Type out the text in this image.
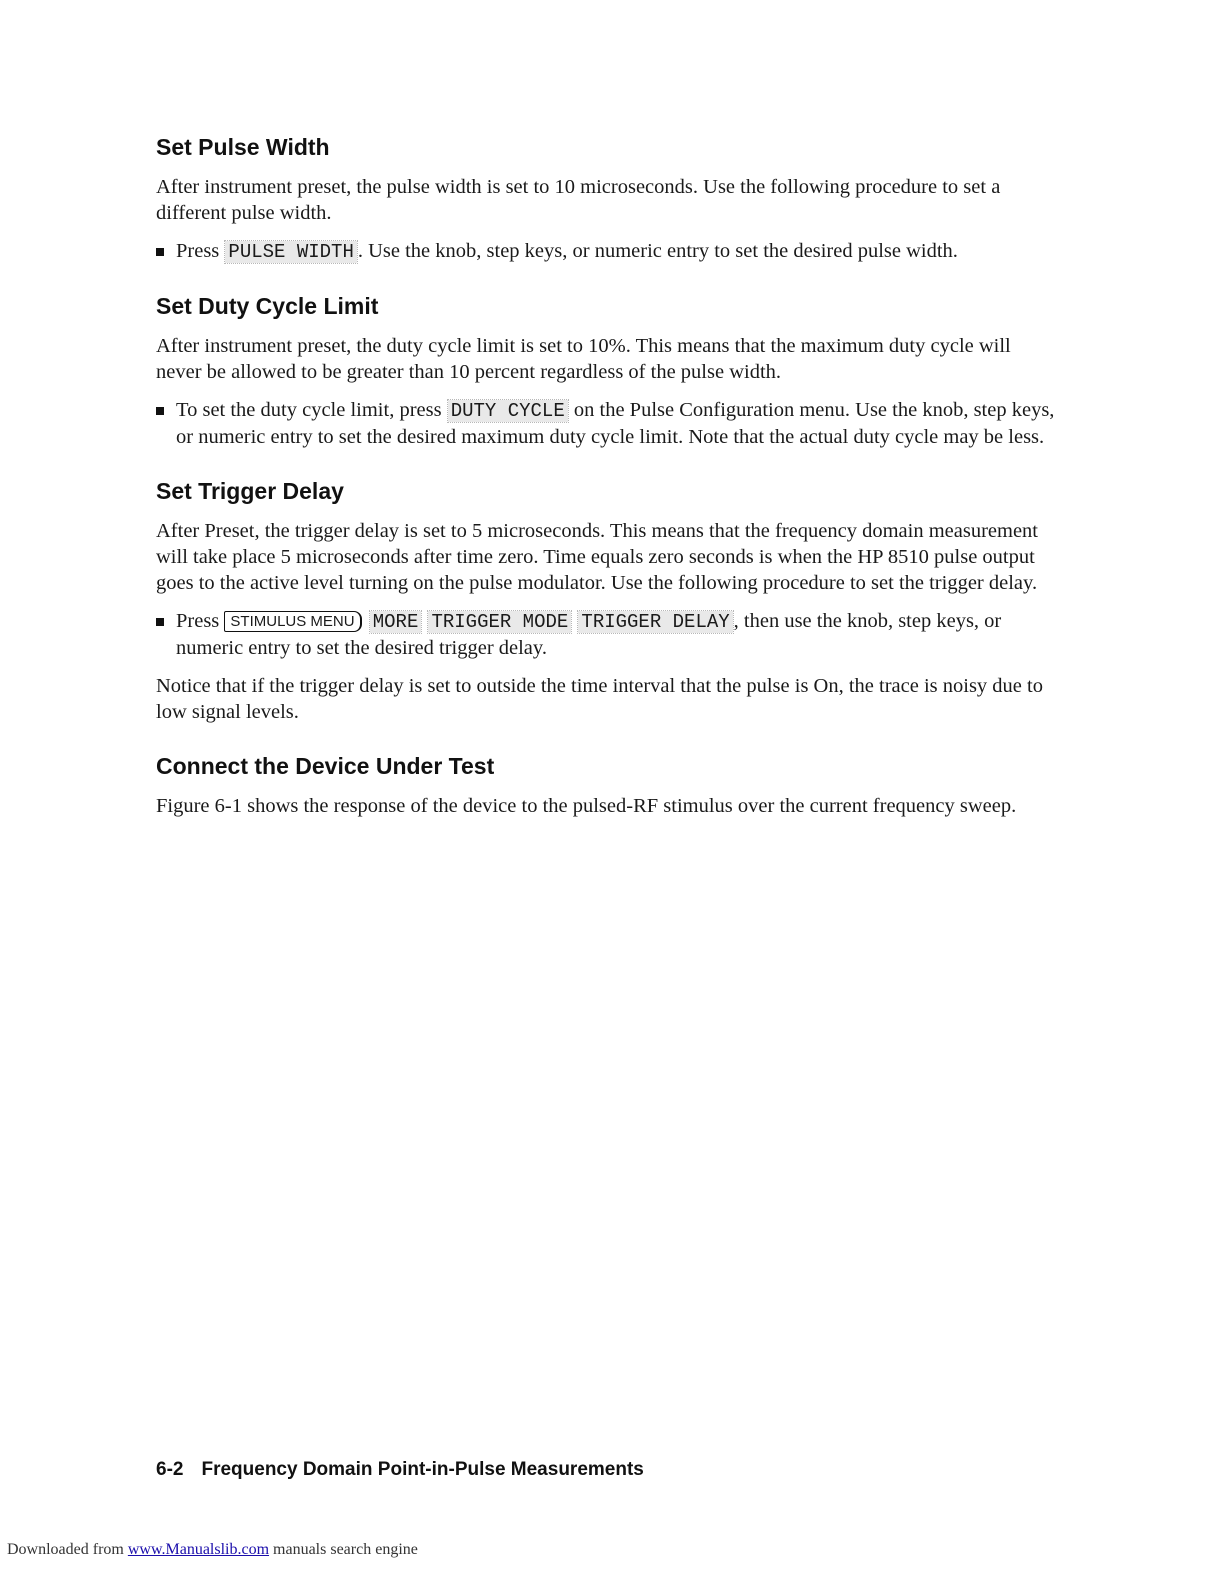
Set Pulse Width

After instrument preset, the pulse width is set to 10 microseconds. Use the following procedure to set a different pulse width.

Press PULSE WIDTH . Use the knob, step keys, or numeric entry to set the desired pulse width.

Set Duty Cycle Limit

After instrument preset, the duty cycle limit is set to 10%. This means that the maximum duty cycle will never be allowed to be greater than 10 percent regardless of the pulse width.

To set the duty cycle limit, press DUTY CYCLE on the Pulse Configuration menu. Use the knob, step keys, or numeric entry to set the desired maximum duty cycle limit. Note that the actual duty cycle may be less.

Set Trigger Delay

After Preset, the trigger delay is set to 5 microseconds. This means that the frequency domain measurement will take place 5 microseconds after time zero. Time equals zero seconds is when the HP 8510 pulse output goes to the active level turning on the pulse modulator. Use the following procedure to set the trigger delay.

Press STIMULUS MENU MORE TRIGGER MODE TRIGGER DELAY , then use the knob, step keys, or numeric entry to set the desired trigger delay.

Notice that if the trigger delay is set to outside the time interval that the pulse is On, the trace is noisy due to low signal levels.

Connect the Device Under Test

Figure 6-1 shows the response of the device to the pulsed-RF stimulus over the current frequency sweep.

6-2 Frequency Domain Point-in-Pulse Measurements
Downloaded from www.Manualslib.com manuals search engine
